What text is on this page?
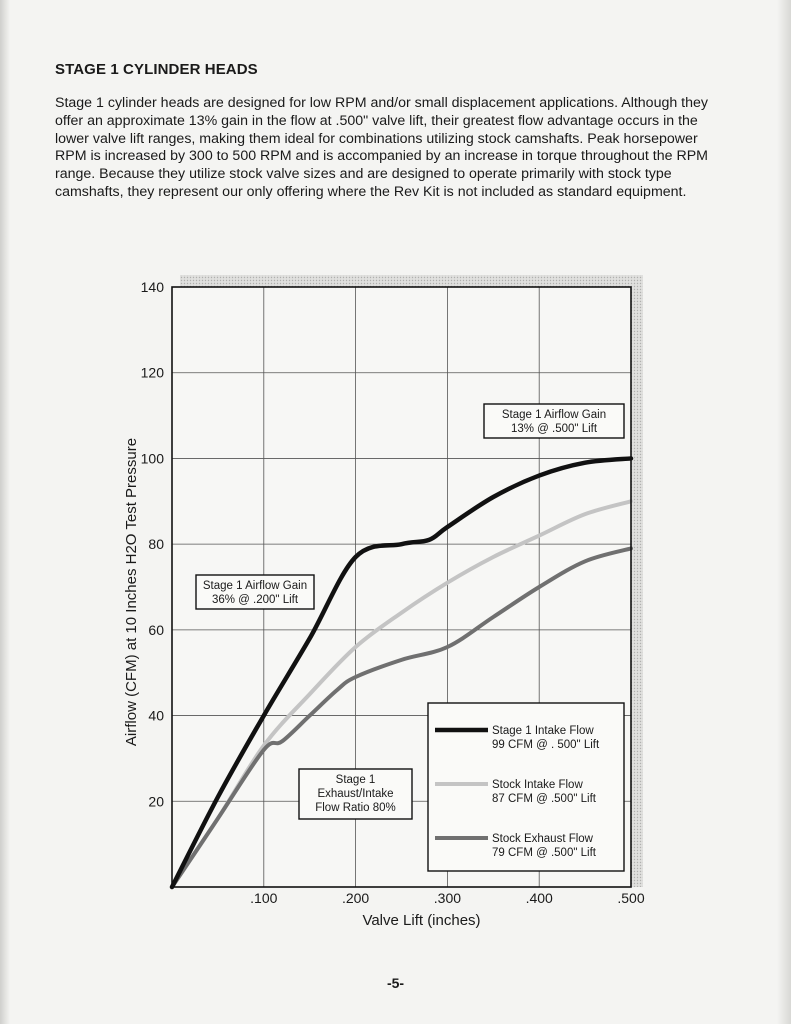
STAGE 1 CYLINDER HEADS

Stage 1 cylinder heads are designed for low RPM and/or small displacement applications. Although they offer an approximate 13% gain in the flow at .500" valve lift, their greatest flow advantage occurs in the lower valve lift ranges, making them ideal for combinations utilizing stock camshafts. Peak horsepower RPM is increased by 300 to 500 RPM and is accompanied by an increase in torque throughout the RPM range. Because they utilize stock valve sizes and are designed to operate primarily with stock type camshafts, they represent our only offering where the Rev Kit is not included as standard equipment.

.100	.200	.300	.400	.500
20
40
60
80
100
120
140
Valve Lift (inches)
Airflow (CFM) at 10 Inches H2O Test Pressure
Stage 1 Airflow Gain
13% @ .500" Lift
Stage 1 Airflow Gain
36% @ .200" Lift
Stage 1
Exhaust/Intake
Flow Ratio 80%
Stage 1 Intake Flow
99 CFM @ . 500" Lift
Stock Intake Flow
87 CFM @ .500" Lift
Stock Exhaust Flow
79 CFM @ .500" Lift
-5-
